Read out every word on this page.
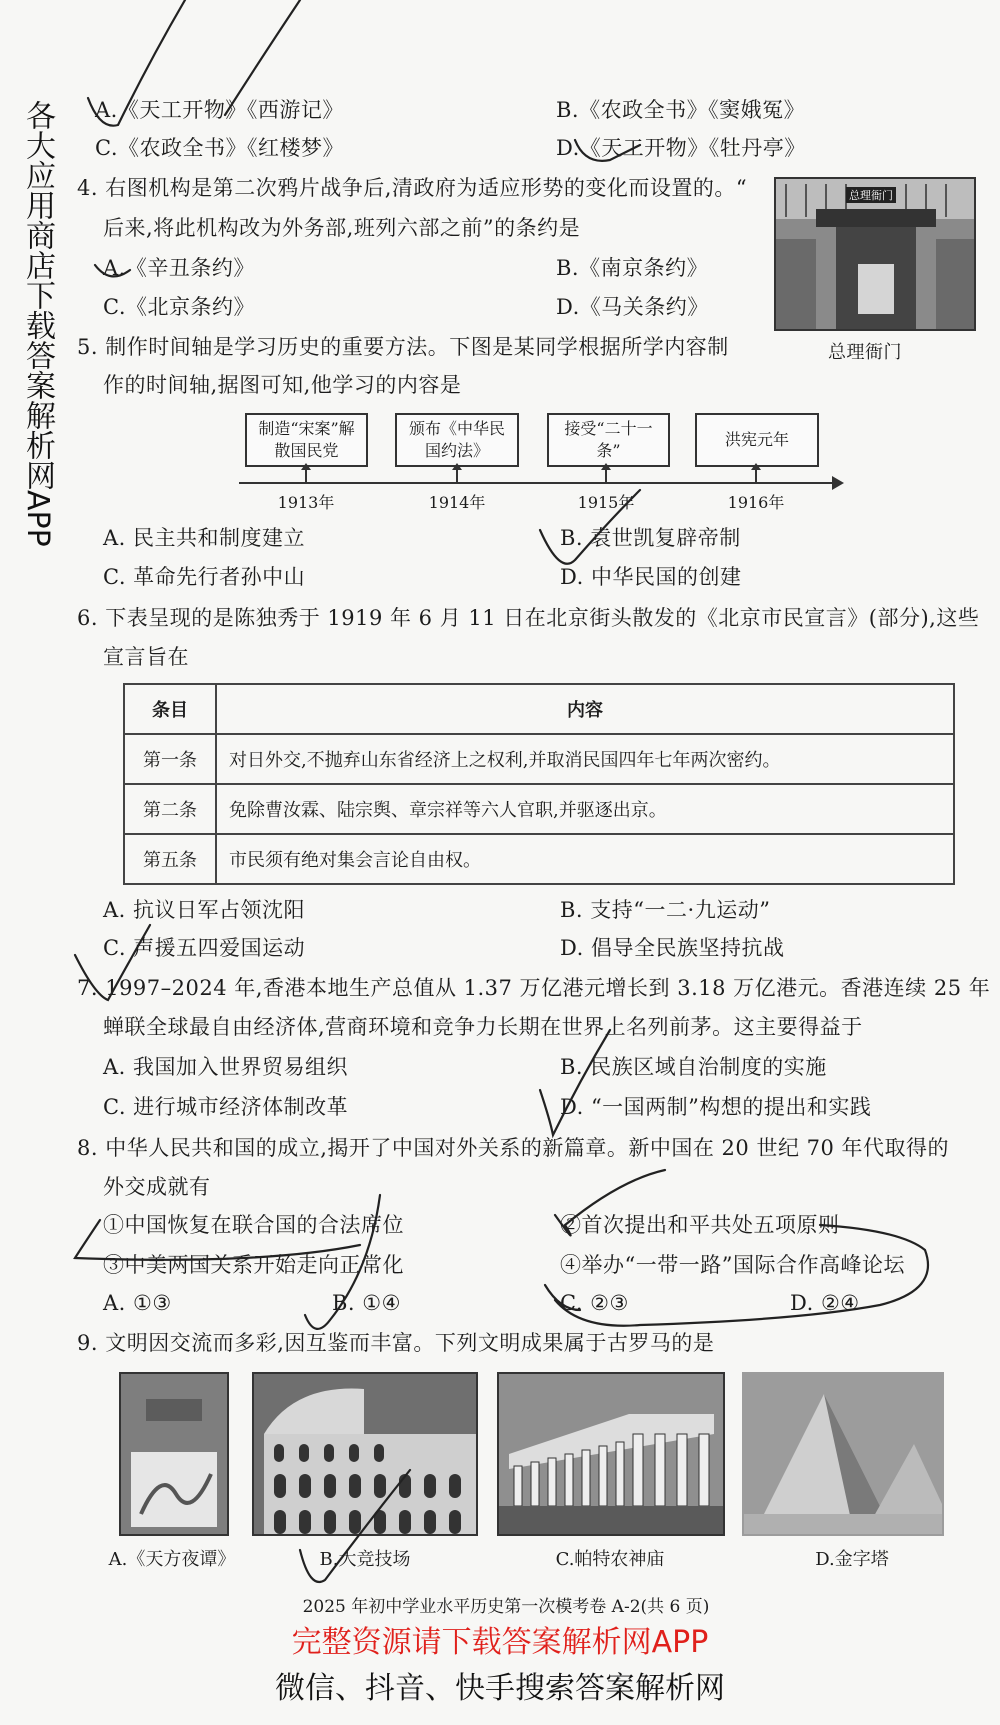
A.《天工开物》《西游记》	B.《农政全书》《窦娥冤》
C.《农政全书》《红楼梦》	D.《天工开物》《牡丹亭》
4. 右图机构是第二次鸦片战争后,清政府为适应形势的变化而设置的。“
后来,将此机构改为外务部,班列六部之前”的条约是
A.《辛丑条约》	B.《南京条约》
C.《北京条约》	D.《马关条约》
总理衙门
总理衙门
5. 制作时间轴是学习历史的重要方法。下图是某同学根据所学内容制
作的时间轴,据图可知,他学习的内容是
制造“宋案”解散国民党
颁布《中华民国约法》
接受“二十一条”
洪宪元年
1913年	1914年	1915年	1916年
A. 民主共和制度建立	B. 袁世凯复辟帝制
C. 革命先行者孙中山	D. 中华民国的创建
6. 下表呈现的是陈独秀于 1919 年 6 月 11 日在北京街头散发的《北京市民宣言》(部分),这些
宣言旨在
条目	内容
第一条	对日外交,不抛弃山东省经济上之权利,并取消民国四年七年两次密约。
第二条	免除曹汝霖、陆宗舆、章宗祥等六人官职,并驱逐出京。
第五条	市民须有绝对集会言论自由权。
A. 抗议日军占领沈阳	B. 支持“一二·九运动”
C. 声援五四爱国运动	D. 倡导全民族坚持抗战
7. 1997–2024 年,香港本地生产总值从 1.37 万亿港元增长到 3.18 万亿港元。香港连续 25 年
蝉联全球最自由经济体,营商环境和竞争力长期在世界上名列前茅。这主要得益于
A. 我国加入世界贸易组织	B. 民族区域自治制度的实施
C. 进行城市经济体制改革	D. “一国两制”构想的提出和实践
8. 中华人民共和国的成立,揭开了中国对外关系的新篇章。新中国在 20 世纪 70 年代取得的
外交成就有
①中国恢复在联合国的合法席位	②首次提出和平共处五项原则
③中美两国关系开始走向正常化	④举办“一带一路”国际合作高峰论坛
A. ①③	B. ①④	C. ②③	D. ②④
9. 文明因交流而多彩,因互鉴而丰富。下列文明成果属于古罗马的是
A.《天方夜谭》	B.大竞技场	C.帕特农神庙	D.金字塔
2025 年初中学业水平历史第一次模考卷 A-2(共 6 页)
各大应用商店下载答案解析网APP
完整资源请下载答案解析网APP
微信、抖音、快手搜索答案解析网
